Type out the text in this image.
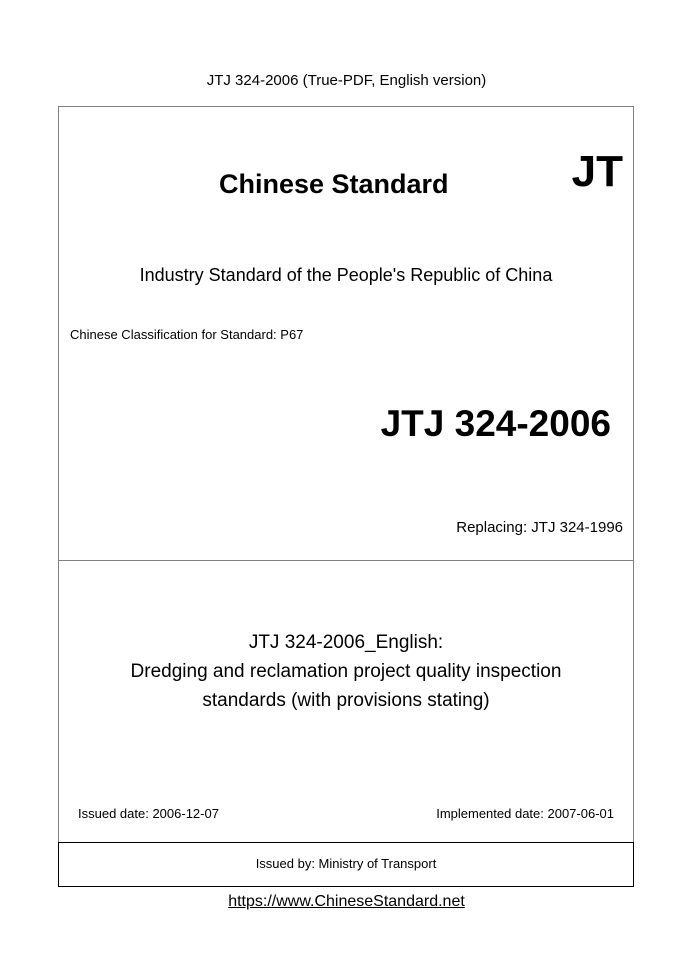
JTJ 324-2006 (True-PDF, English version)
Chinese Standard	JT
Industry Standard of the People's Republic of China
Chinese Classification for Standard: P67
JTJ 324-2006
Replacing: JTJ 324-1996
JTJ 324-2006_English:
Dredging and reclamation project quality inspection
standards (with provisions stating)
Issued date: 2006-12-07	Implemented date: 2007-06-01
Issued by: Ministry of Transport
https://www.ChineseStandard.net
